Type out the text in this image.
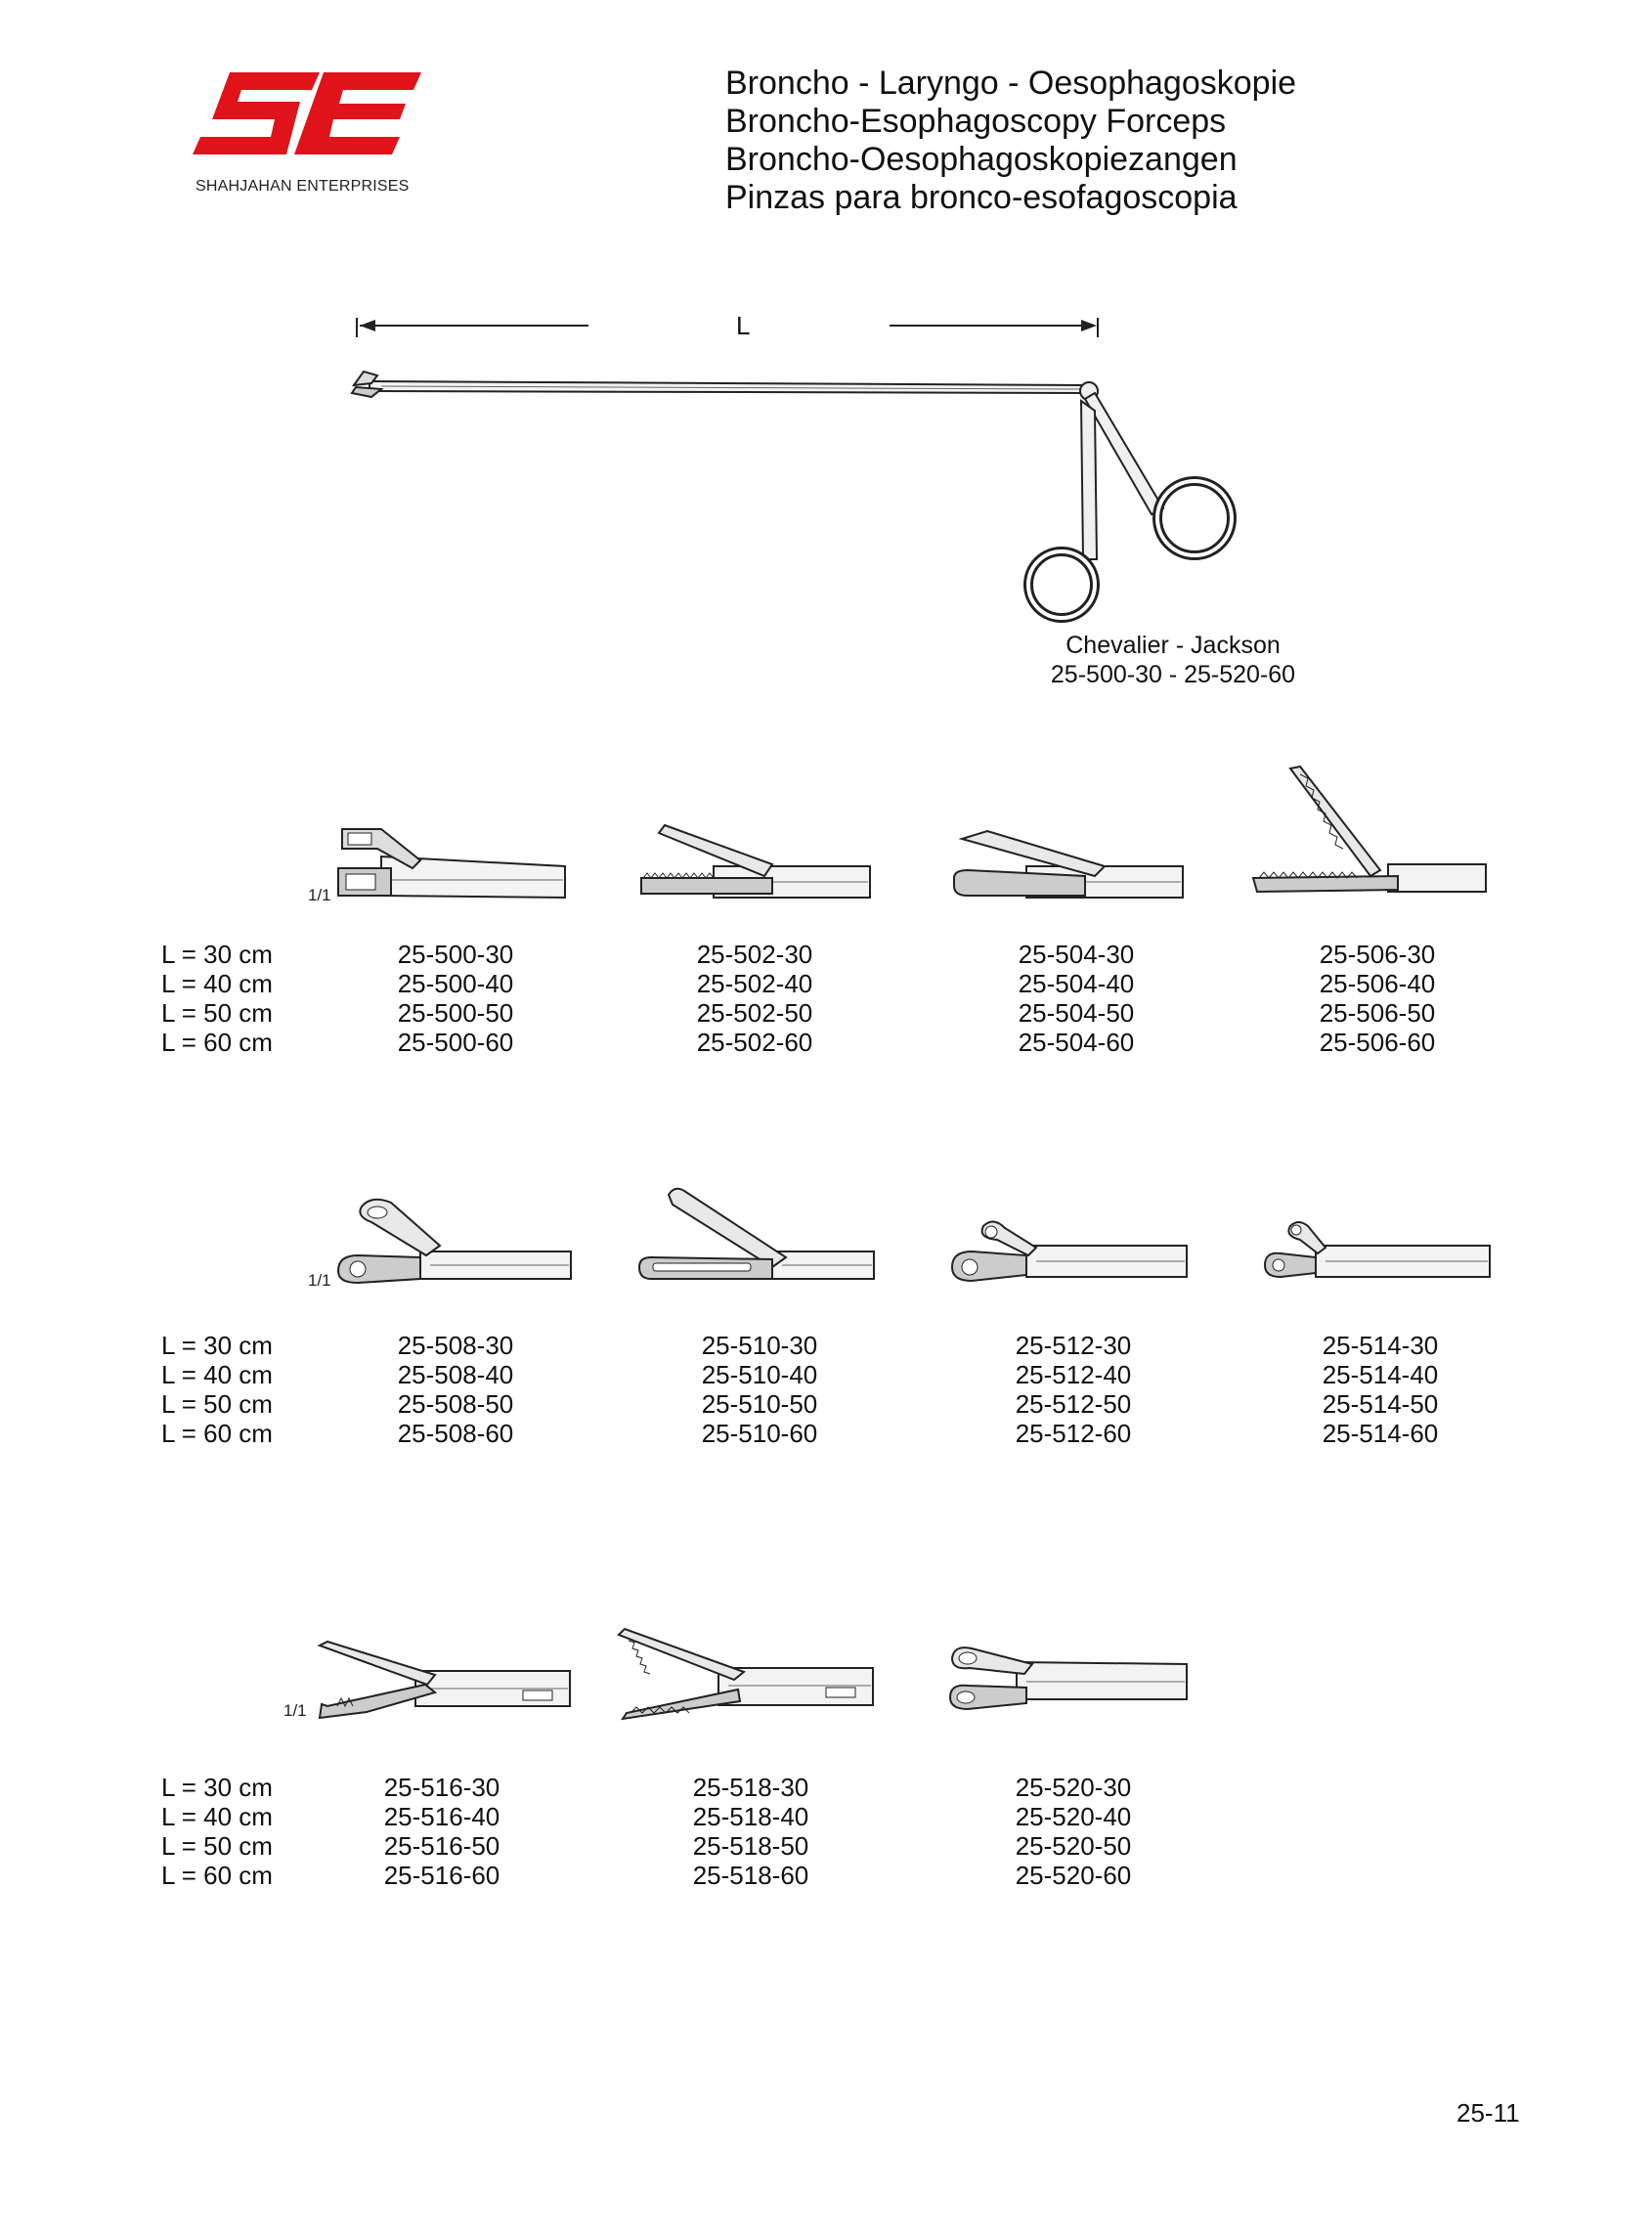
SHAHJAHAN ENTERPRISES
Broncho - Laryngo - Oesophagoskopie
Broncho-Esophagoscopy Forceps
Broncho-Oesophagoskopiezangen
Pinzas para bronco-esofagoscopia
L
Chevalier - Jackson
25-500-30 - 25-520-60
1/1
L = 30 cm
L = 40 cm
L = 50 cm
L = 60 cm
25-500-30
25-500-40
25-500-50
25-500-60
25-502-30
25-502-40
25-502-50
25-502-60
25-504-30
25-504-40
25-504-50
25-504-60
25-506-30
25-506-40
25-506-50
25-506-60
1/1
L = 30 cm
L = 40 cm
L = 50 cm
L = 60 cm
25-508-30
25-508-40
25-508-50
25-508-60
25-510-30
25-510-40
25-510-50
25-510-60
25-512-30
25-512-40
25-512-50
25-512-60
25-514-30
25-514-40
25-514-50
25-514-60
1/1
L = 30 cm
L = 40 cm
L = 50 cm
L = 60 cm
25-516-30
25-516-40
25-516-50
25-516-60
25-518-30
25-518-40
25-518-50
25-518-60
25-520-30
25-520-40
25-520-50
25-520-60
25-11
